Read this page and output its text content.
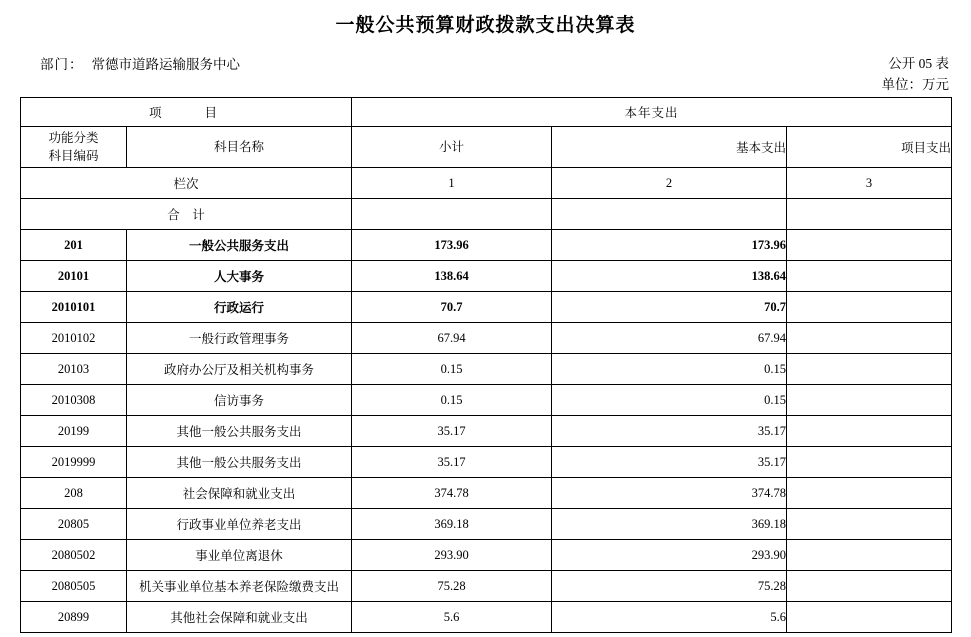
一般公共预算财政拨款支出决算表
部门： 常德市道路运输服务中心	公开 05 表
单位：万元
项　　目		本年支出		

功能分类
科目编码	科目名称	小计	基本支出	项目支出
栏次		1	2	3
合　计				
201	一般公共服务支出	173.96	173.96	
20101	人大事务	138.64	138.64	
2010101	行政运行	70.7	70.7	
2010102	一般行政管理事务	67.94	67.94	
20103	政府办公厅及相关机构事务	0.15	0.15	
2010308	信访事务	0.15	0.15	
20199	其他一般公共服务支出	35.17	35.17	
2019999	其他一般公共服务支出	35.17	35.17	
208	社会保障和就业支出	374.78	374.78	
20805	行政事业单位养老支出	369.18	369.18	
2080502	事业单位离退休	293.90	293.90	
2080505	机关事业单位基本养老保险缴费支出	75.28	75.28	
20899	其他社会保障和就业支出	5.6	5.6	
